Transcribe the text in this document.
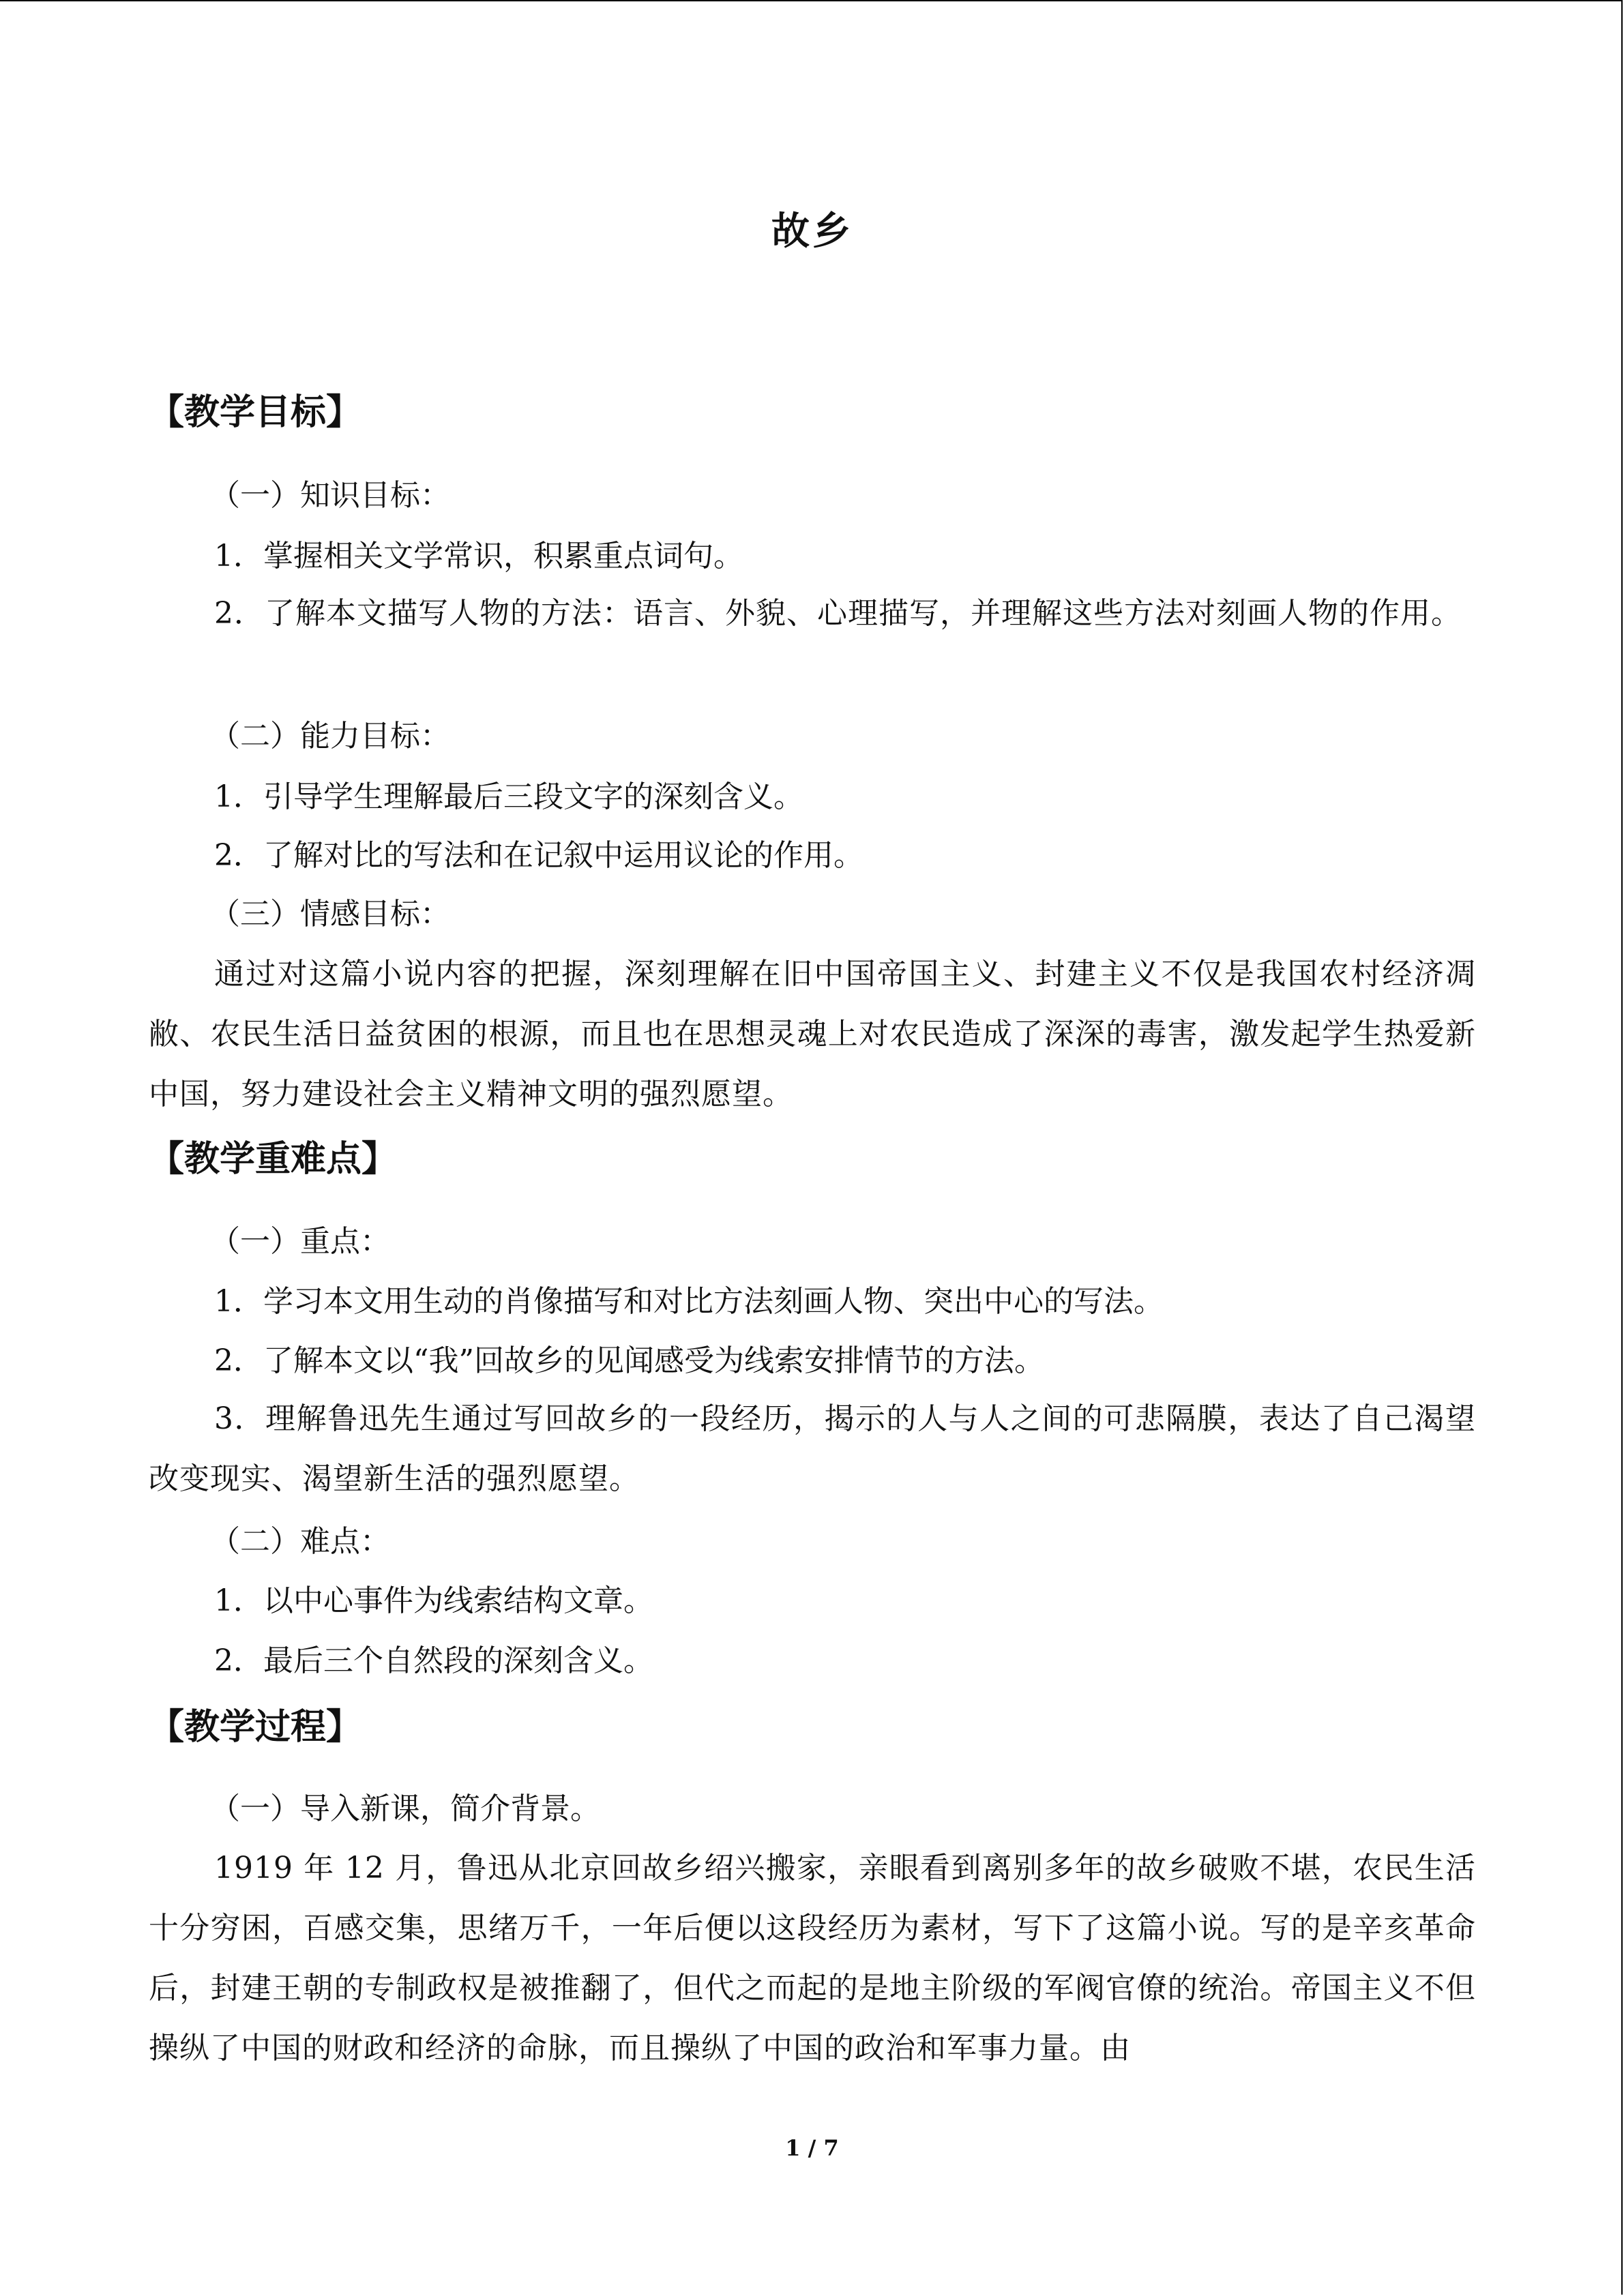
故乡
【教学目标】
（一）知识目标：
1．掌握相关文学常识，积累重点词句。
2．了解本文描写人物的方法：语言、外貌、心理描写，并理解这些方法对刻画人物的作用。
（二）能力目标：
1．引导学生理解最后三段文字的深刻含义。
2．了解对比的写法和在记叙中运用议论的作用。
（三）情感目标：
通过对这篇小说内容的把握，深刻理解在旧中国帝国主义、封建主义不仅是我国农村经济凋敝、农民生活日益贫困的根源，而且也在思想灵魂上对农民造成了深深的毒害，激发起学生热爱新中国，努力建设社会主义精神文明的强烈愿望。
【教学重难点】
（一）重点：
1．学习本文用生动的肖像描写和对比方法刻画人物、突出中心的写法。
2．了解本文以“我”回故乡的见闻感受为线索安排情节的方法。
3．理解鲁迅先生通过写回故乡的一段经历，揭示的人与人之间的可悲隔膜，表达了自己渴望改变现实、渴望新生活的强烈愿望。
（二）难点：
1．以中心事件为线索结构文章。
2．最后三个自然段的深刻含义。
【教学过程】
（一）导入新课，简介背景。
1919 年 12 月，鲁迅从北京回故乡绍兴搬家，亲眼看到离别多年的故乡破败不堪，农民生活十分穷困，百感交集，思绪万千，一年后便以这段经历为素材，写下了这篇小说。写的是辛亥革命后，封建王朝的专制政权是被推翻了，但代之而起的是地主阶级的军阀官僚的统治。帝国主义不但操纵了中国的财政和经济的命脉，而且操纵了中国的政治和军事力量。由
1 / 7
